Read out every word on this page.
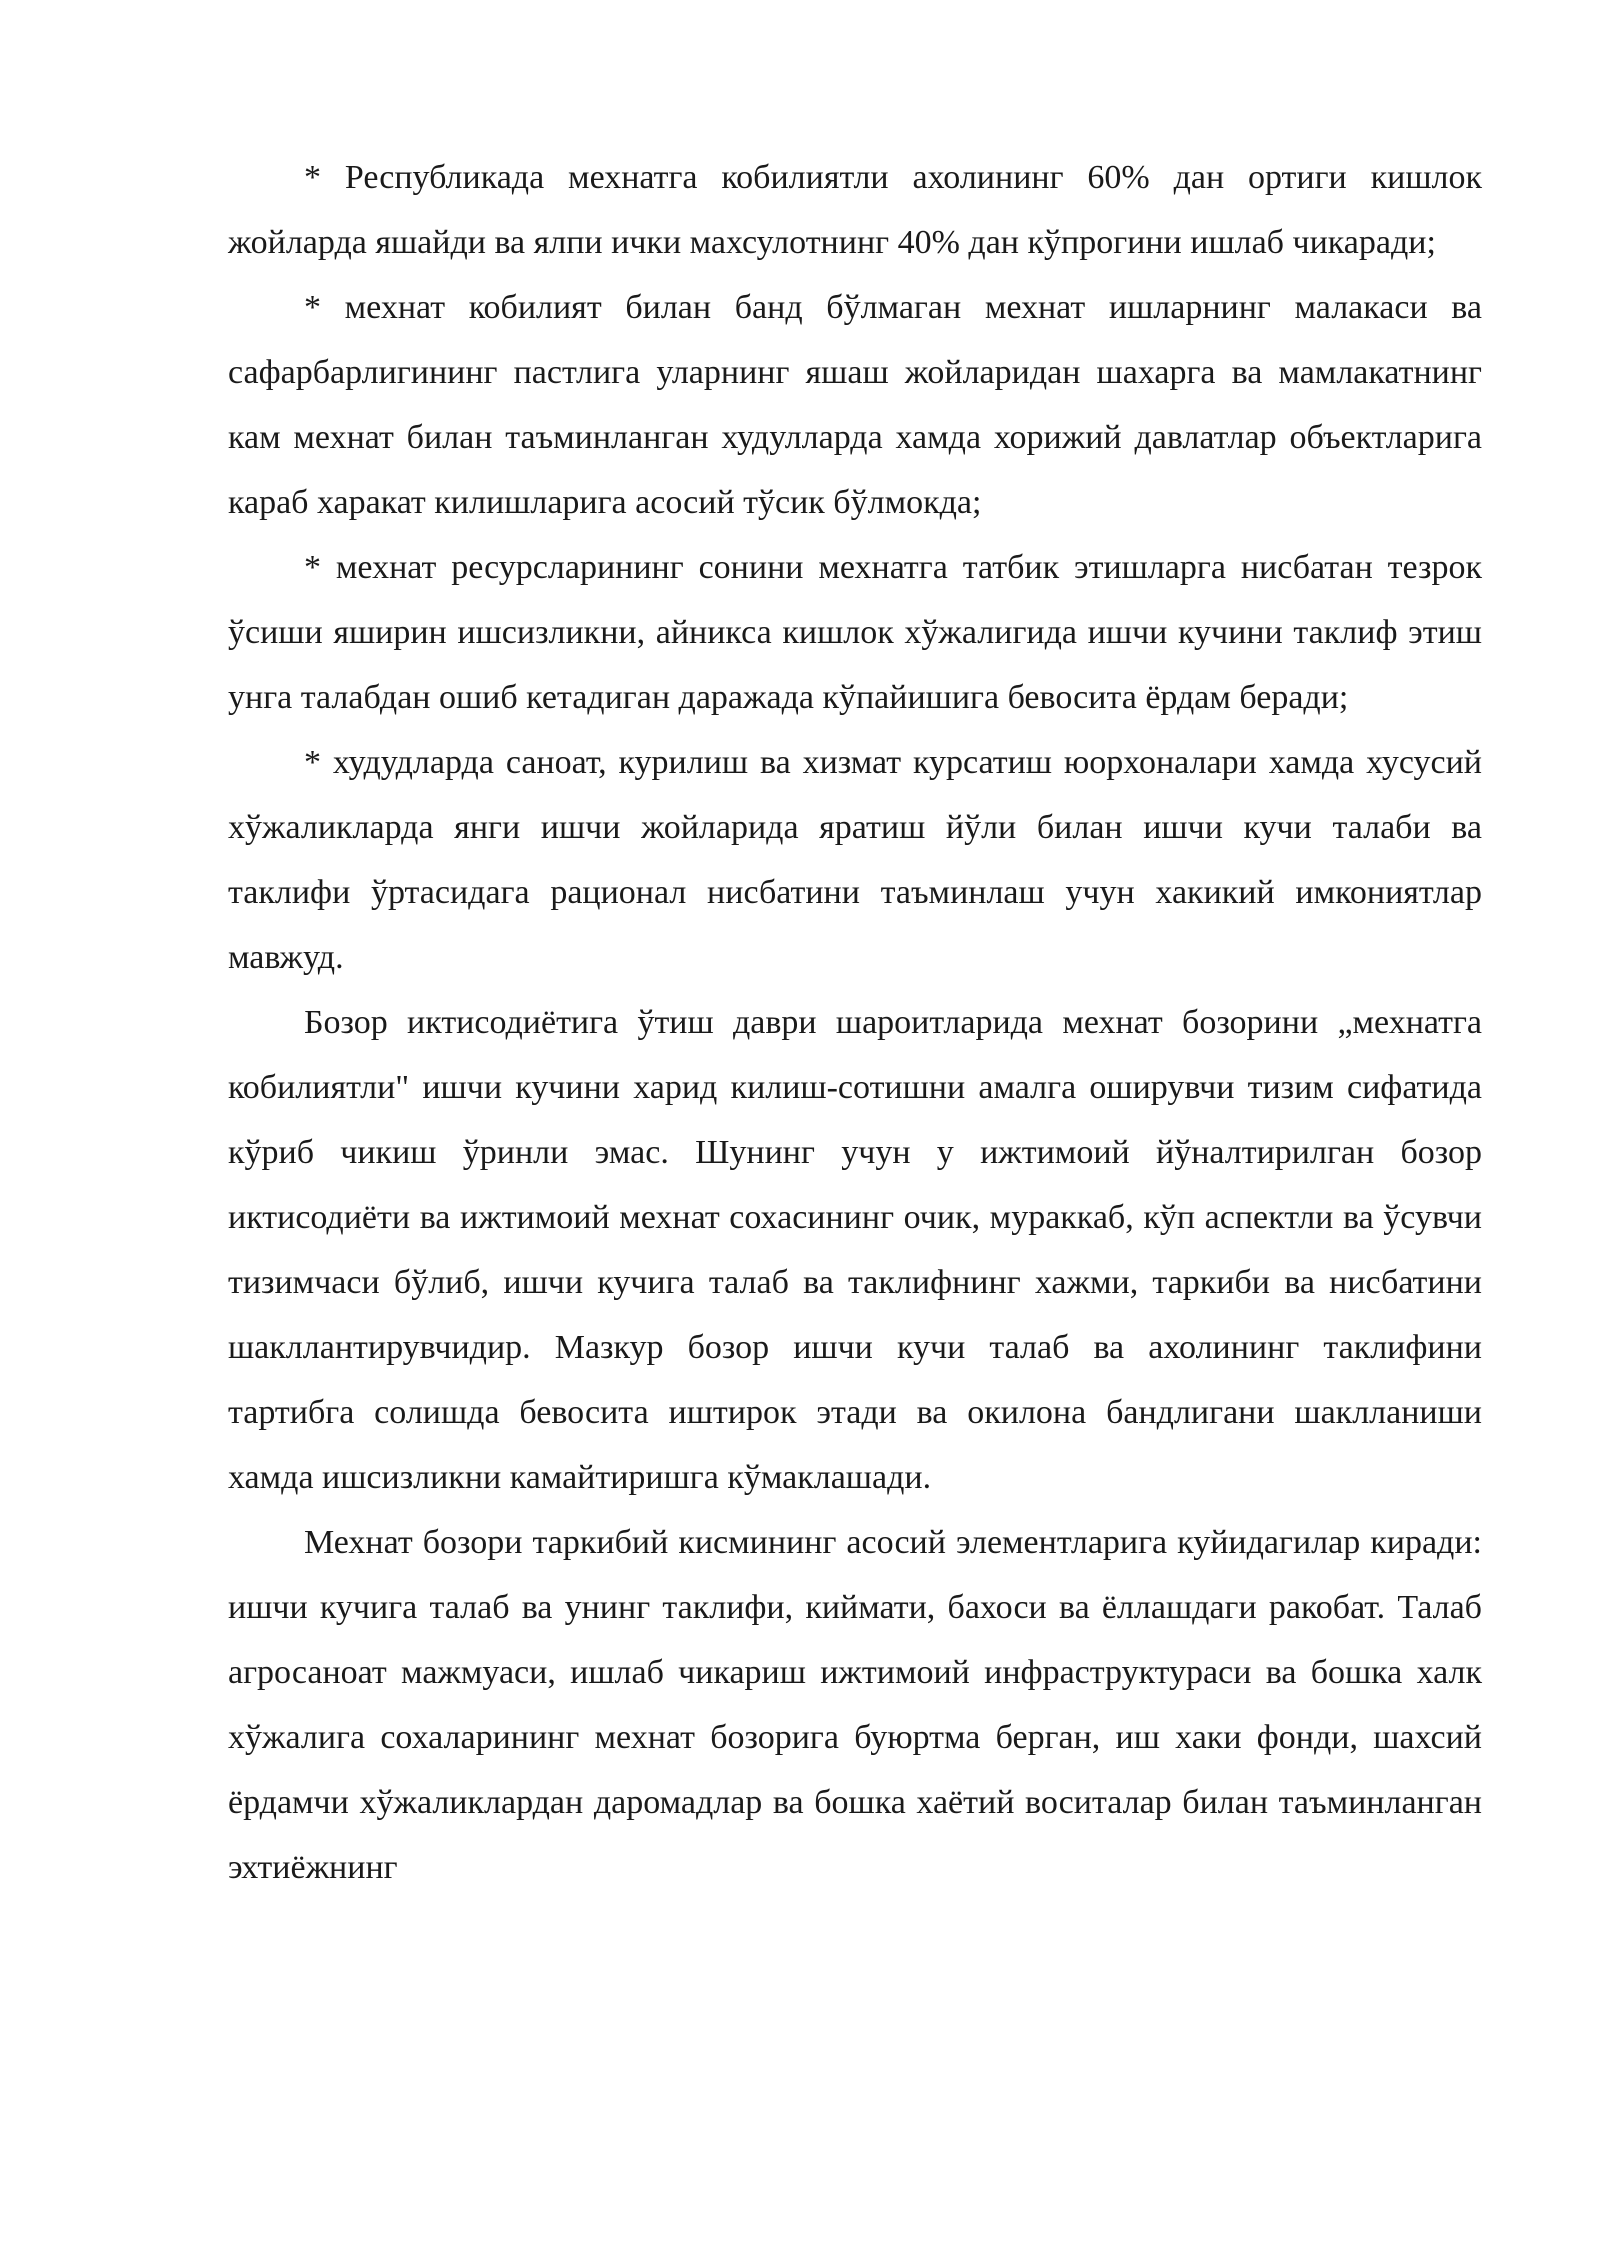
* Республикада мехнатга кобилиятли ахолининг 60% дан ортиги кишлок жойларда яшайди ва ялпи ички махсулотнинг 40% дан кўпрогини ишлаб чикаради;

* мехнат кобилият билан банд бўлмаган мехнат ишларнинг малакаси ва сафарбарлигининг пастлига уларнинг яшаш жойларидан шахарга ва мамлакатнинг кам мехнат билан таъминланган худулларда хамда хорижий давлатлар объектларига караб харакат килишларига асосий тўсик бўлмокда;

* мехнат ресурсларининг сонини мехнатга татбик этишларга нисбатан тезрок ўсиши яширин ишсизликни, айникса кишлок хўжалигида ишчи кучини таклиф этиш унга талабдан ошиб кетадиган даражада кўпайишига бевосита ёрдам беради;

* худудларда саноат, курилиш ва хизмат курсатиш юорхоналари хамда хусусий хўжаликларда янги ишчи жойларида яратиш йўли билан ишчи кучи талаби ва таклифи ўртасидага рационал нисбатини таъминлаш учун хакикий имкониятлар мавжуд.

Бозор иктисодиётига ўтиш даври шароитларида мехнат бозорини „мехнатга кобилиятли" ишчи кучини харид килиш-сотишни амалга оширувчи тизим сифатида кўриб чикиш ўринли эмас. Шунинг учун у ижтимоий йўналтирилган бозор иктисодиёти ва ижтимоий мехнат сохасининг очик, мураккаб, кўп аспектли ва ўсувчи тизимчаси бўлиб, ишчи кучига талаб ва таклифнинг хажми, таркиби ва нисбатини шакллантирувчидир. Мазкур бозор ишчи кучи талаб ва ахолининг таклифини тартибга солишда бевосита иштирок этади ва окилона бандлигани шаклланиши хамда ишсизликни камайтиришга кўмаклашади.

Мехнат бозори таркибий кисмининг асосий элементларига куйидагилар киради: ишчи кучига талаб ва унинг таклифи, киймати, бахоси ва ёллашдаги ракобат. Талаб агросаноат мажмуаси, ишлаб чикариш ижтимоий инфраструктураси ва бошка халк хўжалига сохаларининг мехнат бозорига буюртма берган, иш хаки фонди, шахсий ёрдамчи хўжаликлардан даромадлар ва бошка хаётий воситалар билан таъминланган эхтиёжнинг
